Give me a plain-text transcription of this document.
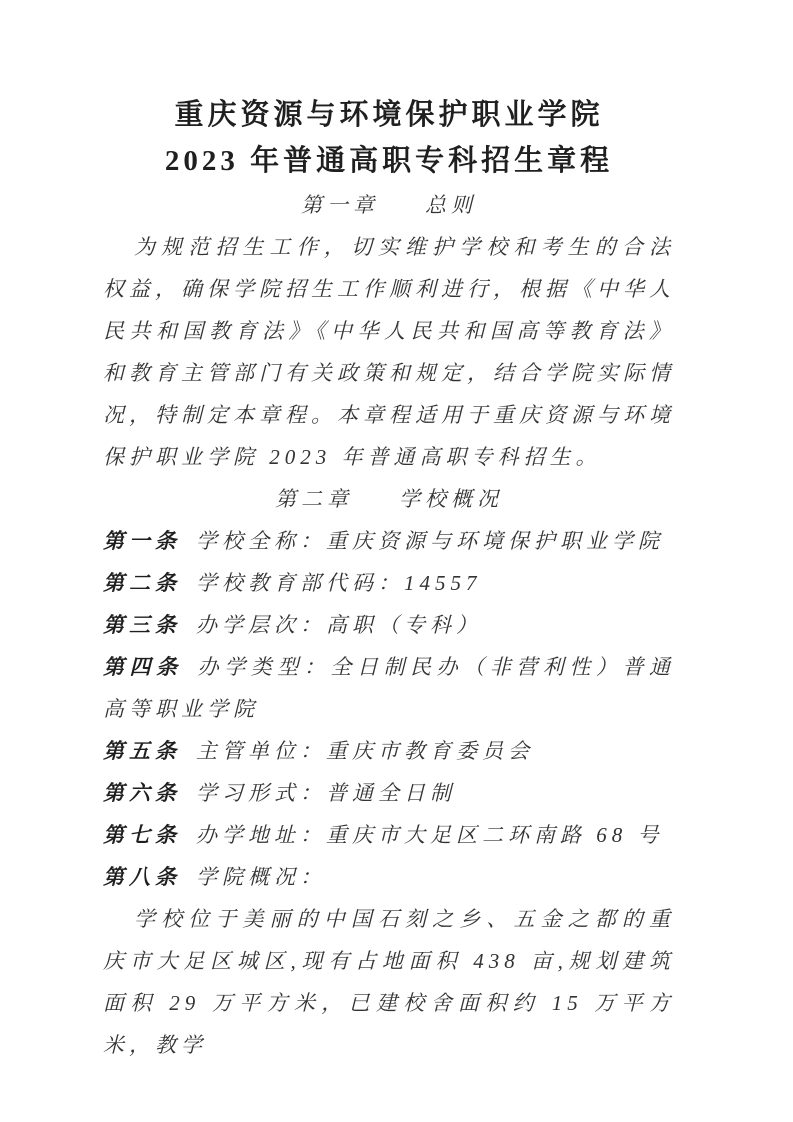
重庆资源与环境保护职业学院
2023 年普通高职专科招生章程
第一章 总则

为规范招生工作，切实维护学校和考生的合法权益，确保学院招生工作顺利进行，根据《中华人民共和国教育法》《中华人民共和国高等教育法》和教育主管部门有关政策和规定，结合学院实际情况，特制定本章程。本章程适用于重庆资源与环境保护职业学院 2023 年普通高职专科招生。

第二章 学校概况

第一条 学校全称：重庆资源与环境保护职业学院

第二条 学校教育部代码：14557

第三条 办学层次：高职（专科）

第四条 办学类型：全日制民办（非营利性）普通高等职业学院

第五条 主管单位：重庆市教育委员会

第六条 学习形式：普通全日制

第七条 办学地址：重庆市大足区二环南路 68 号

第八条 学院概况：

学校位于美丽的中国石刻之乡、五金之都的重庆市大足区城区,现有占地面积 438 亩,规划建筑面积 29 万平方米，已建校舍面积约 15 万平方米，教学
